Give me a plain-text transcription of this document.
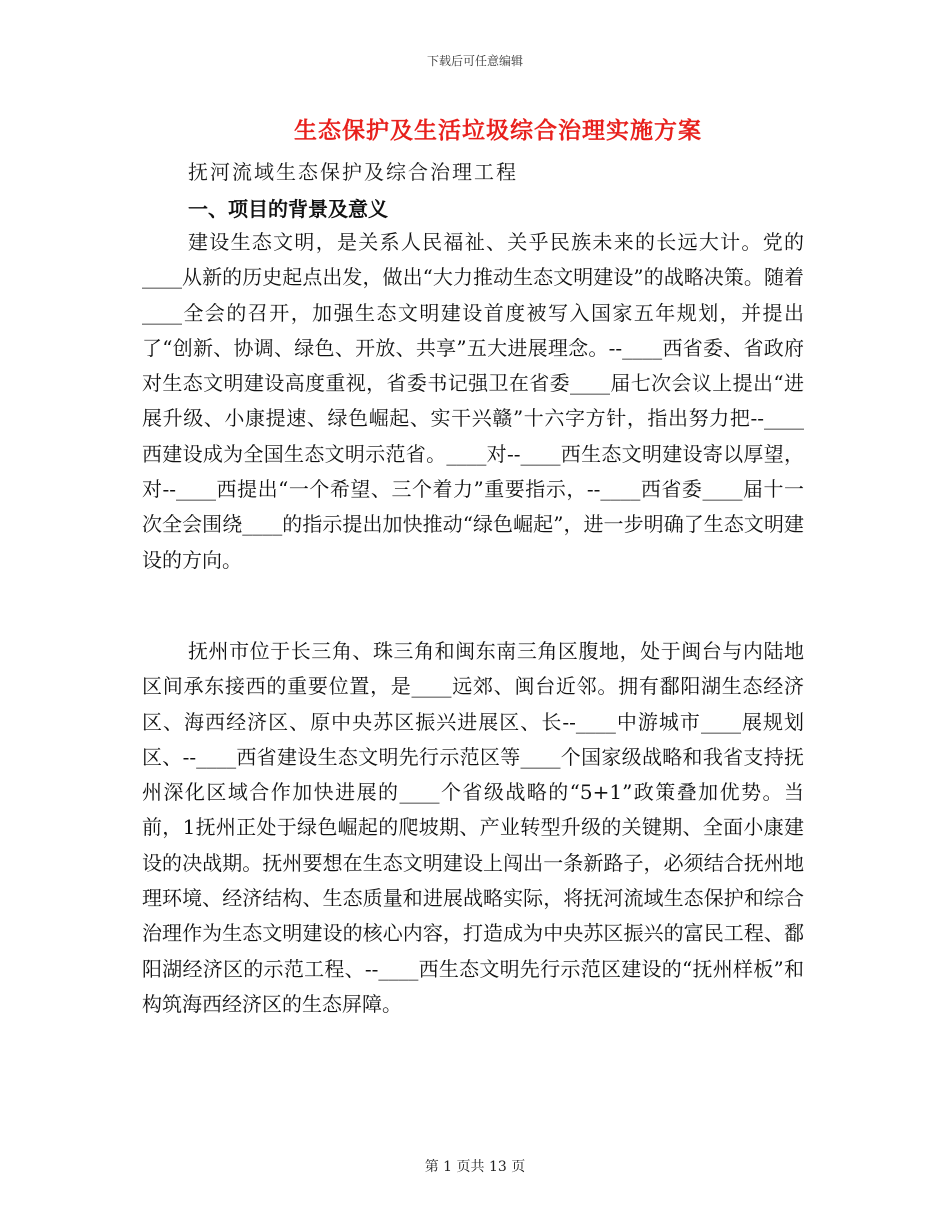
下载后可任意编辑
生态保护及生活垃圾综合治理实施方案
抚河流域生态保护及综合治理工程
一、项目的背景及意义

建设生态文明，是关系人民福祉、关乎民族未来的长远大计。党的____从新的历史起点出发，做出“大力推动生态文明建设”的战略决策。随着____全会的召开，加强生态文明建设首度被写入国家五年规划，并提出了“创新、协调、绿色、开放、共享”五大进展理念。--____西省委、省政府对生态文明建设高度重视，省委书记强卫在省委____届七次会议上提出“进展升级、小康提速、绿色崛起、实干兴赣”十六字方针，指出努力把--____西建设成为全国生态文明示范省。____对--____西生态文明建设寄以厚望，对--____西提出“一个希望、三个着力”重要指示，--____西省委____届十一次全会围绕____的指示提出加快推动“绿色崛起”，进一步明确了生态文明建设的方向。

抚州市位于长三角、珠三角和闽东南三角区腹地，处于闽台与内陆地区间承东接西的重要位置，是____远郊、闽台近邻。拥有鄱阳湖生态经济区、海西经济区、原中央苏区振兴进展区、长--____中游城市____展规划区、--____西省建设生态文明先行示范区等____个国家级战略和我省支持抚州深化区域合作加快进展的____个省级战略的“5+1”政策叠加优势。当前，1抚州正处于绿色崛起的爬坡期、产业转型升级的关键期、全面小康建设的决战期。抚州要想在生态文明建设上闯出一条新路子，必须结合抚州地理环境、经济结构、生态质量和进展战略实际，将抚河流域生态保护和综合治理作为生态文明建设的核心内容，打造成为中央苏区振兴的富民工程、鄱阳湖经济区的示范工程、--____西生态文明先行示范区建设的“抚州样板”和构筑海西经济区的生态屏障。

第 1 页共 13 页
